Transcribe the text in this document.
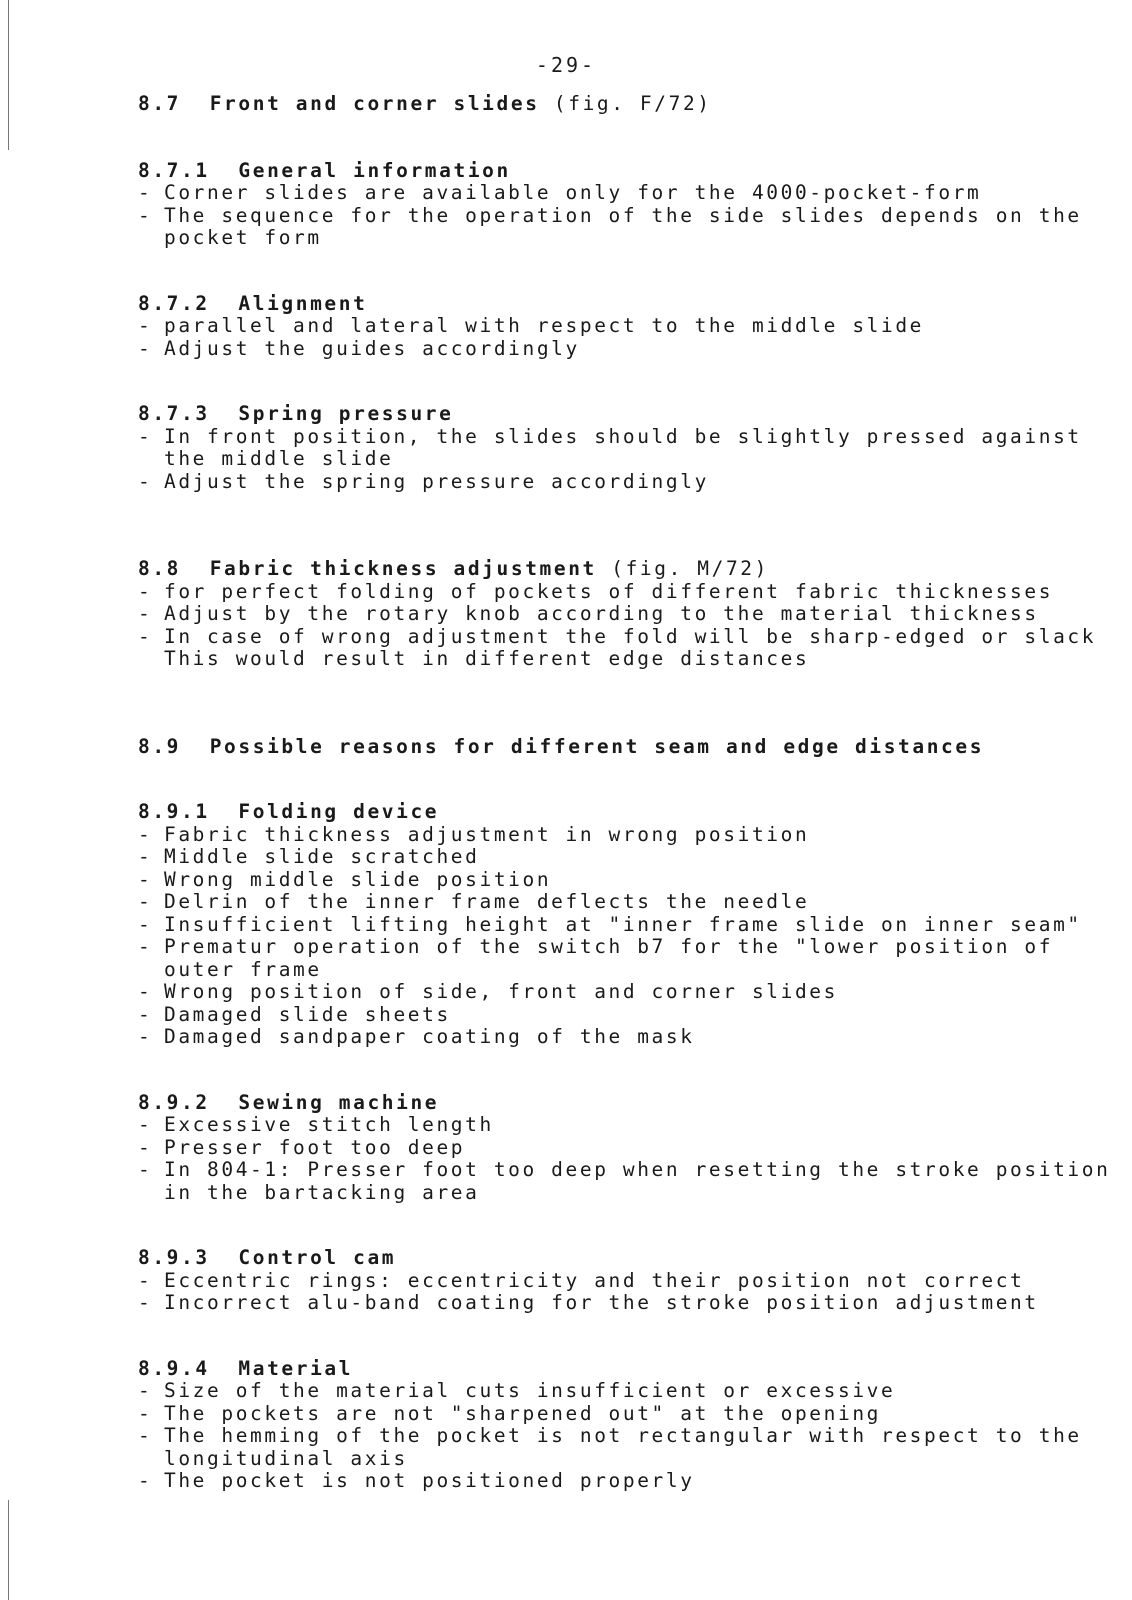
-29-
8.7 Front and corner slides (fig. F/72)
8.7.1 General information
- Corner slides are available only for the 4000-pocket-form
- The sequence for the operation of the side slides depends on the
pocket form
8.7.2 Alignment
- parallel and lateral with respect to the middle slide
- Adjust the guides accordingly
8.7.3 Spring pressure
- In front position, the slides should be slightly pressed against
the middle slide
- Adjust the spring pressure accordingly
8.8 Fabric thickness adjustment (fig. M/72)
- for perfect folding of pockets of different fabric thicknesses
- Adjust by the rotary knob according to the material thickness
- In case of wrong adjustment the fold will be sharp-edged or slack
This would result in different edge distances
8.9 Possible reasons for different seam and edge distances
8.9.1 Folding device
- Fabric thickness adjustment in wrong position
- Middle slide scratched
- Wrong middle slide position
- Delrin of the inner frame deflects the needle
- Insufficient lifting height at "inner frame slide on inner seam"
- Prematur operation of the switch b7 for the "lower position of
outer frame
- Wrong position of side, front and corner slides
- Damaged slide sheets
- Damaged sandpaper coating of the mask
8.9.2 Sewing machine
- Excessive stitch length
- Presser foot too deep
- In 804-1: Presser foot too deep when resetting the stroke position
in the bartacking area
8.9.3 Control cam
- Eccentric rings: eccentricity and their position not correct
- Incorrect alu-band coating for the stroke position adjustment
8.9.4 Material
- Size of the material cuts insufficient or excessive
- The pockets are not "sharpened out" at the opening
- The hemming of the pocket is not rectangular with respect to the
longitudinal axis
- The pocket is not positioned properly
